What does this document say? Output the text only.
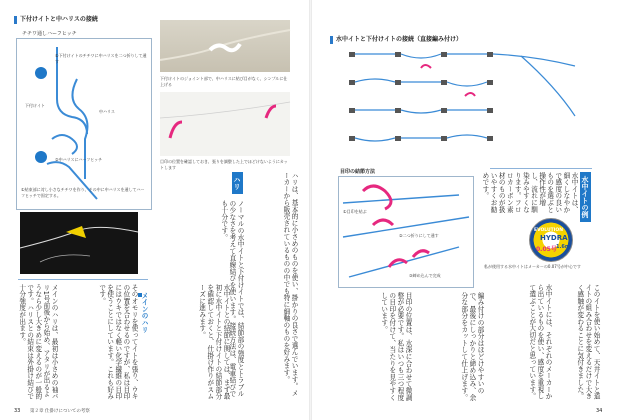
下付けイトと中ハリスの接続
チチワ通しハーフヒッチ
①下付けイトのチチワに中ハリスを二つ折りして通す
下付けイト
中ハリス
②中ハリスにハーフヒッチ
①結束部に対し小さなチチワを作り、その中に中ハリスを通してハーフヒッチで固定する。
下付けイトのジョイント部で、中ハリスに結び目がなく、シンプルに仕上げる
目印の位置を確認しておき、張りを調整した上でほどけないようにカットします
ハリは、基本的に小さめのものを使い、掛かりの良さで選んでいます。メーカーから販売されているものの中でも特に細軸のものを好みます。
ハリ
水中イトとの結節に関しては、まず最初に水中イトと下付けイトの結節部分を確認しておくと、仕掛け作りがスムーズに進みます。	ノーマルの水中イトと下付けイトでは、結節部の強度とトラブルの少なさを考えて直線結びを使います。接続方法は、電車結びでも十分です。
そのオモリを使ってイトを張り、ウキの位置を合わせるのですが、私は目印にはウキではなく軽い化学繊維の目印を使うことにしています。これも好みです。	メインのハリ
メインのハリは、最初は小さめの袖バリ1号前後から始め、アタリが出るようなら少し大きめに変えるのが一般的です。ハリスとの結束は外掛け結びで十分強度が出ます。
33 第２章 仕掛けについての考察
水中イトと下付けイトの接続（直接編み付け）
①目印を結ぶ
②二つ折りにして通す
③締め込んで完成
目印の結節方法
水中イトの例
水中イトは、細くしなやかで感度の良いものを選ぶと操作性が増し、流れに馴染みやすくなります。フロロカーボン素材のものが扱いやすくお勧めです。
EVOLUTION
HYDRA
0.05号 1.6m
私が使用する水中イトはメーカーの0.07号が中心です
このイトを使い始めて、天井イトと道イトの組み合わせを変えるだけで大きく感触が変わることに気付きました。
水中イトには、それぞれのメーカーから出ているものを使い、感度を重視して選ぶことが大切だと思っています。
編み付けの部分はほどけやすいので、最後にしっかりと締め込み、余分な部分をカットして仕上げます。
目印の位置は、水深に合わせて微調整が必要です。私はいつも三つ程度の目印を付けて、当たりを見やすくしています。
34
